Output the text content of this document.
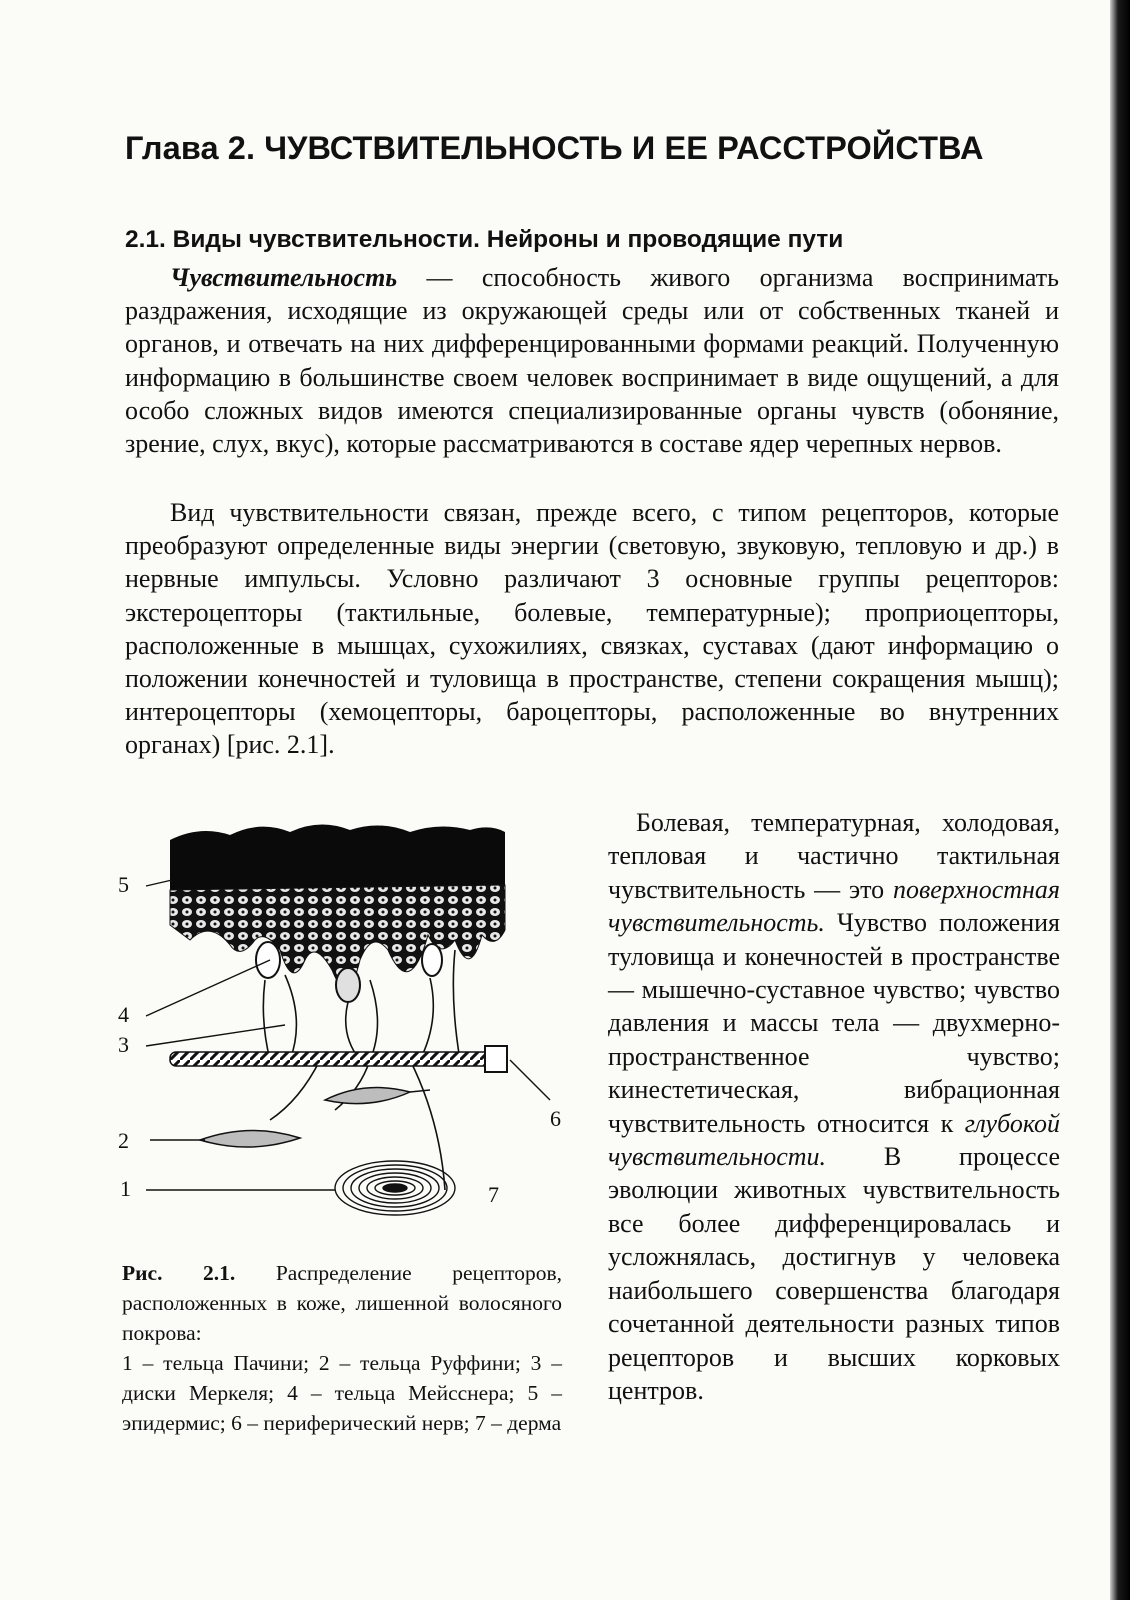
Глава 2. ЧУВСТВИТЕЛЬНОСТЬ И ЕЕ РАССТРОЙСТВА
2.1. Виды чувствительности. Нейроны и проводящие пути

Чувствительность — способность живого организма воспринимать раздражения, исходящие из окружающей среды или от собственных тканей и органов, и отвечать на них дифференцированными формами реакций. Полученную информацию в большинстве своем человек воспринимает в виде ощущений, а для особо сложных видов имеются специализированные органы чувств (обоняние, зрение, слух, вкус), которые рассматриваются в составе ядер черепных нервов.

Вид чувствительности связан, прежде всего, с типом рецепторов, которые преобразуют определенные виды энергии (световую, звуковую, тепловую и др.) в нервные импульсы. Условно различают 3 основные группы рецепторов: экстероцепторы (тактильные, болевые, температурные); проприоцепторы, расположенные в мышцах, сухожилиях, связках, суставах (дают информацию о положении конечностей и туловища в пространстве, степени сокращения мышц); интероцепторы (хемоцепторы, бароцепторы, расположенные во внутренних органах) [рис. 2.1].

5
4
3
2
1
6
7

Рис. 2.1. Распределение рецепторов, расположенных в коже, лишенной волосяного покрова:

1 – тельца Пачини; 2 – тельца Руффини; 3 – диски Меркеля; 4 – тельца Мейсснера; 5 – эпидермис; 6 – периферический нерв; 7 – дерма

Болевая, температурная, холодовая, тепловая и частично тактильная чувствительность — это поверхностная чувствительность. Чувство положения туловища и конечностей в пространстве — мышечно-суставное чувство; чувство давления и массы тела — двухмерно-пространственное чувство; кинестетическая, вибрационная чувствительность относится к глубокой чувствительности. В процессе эволюции животных чувствительность все более дифференцировалась и усложнялась, достигнув у человека наибольшего совершенства благодаря сочетанной деятельности разных типов рецепторов и высших корковых центров.
